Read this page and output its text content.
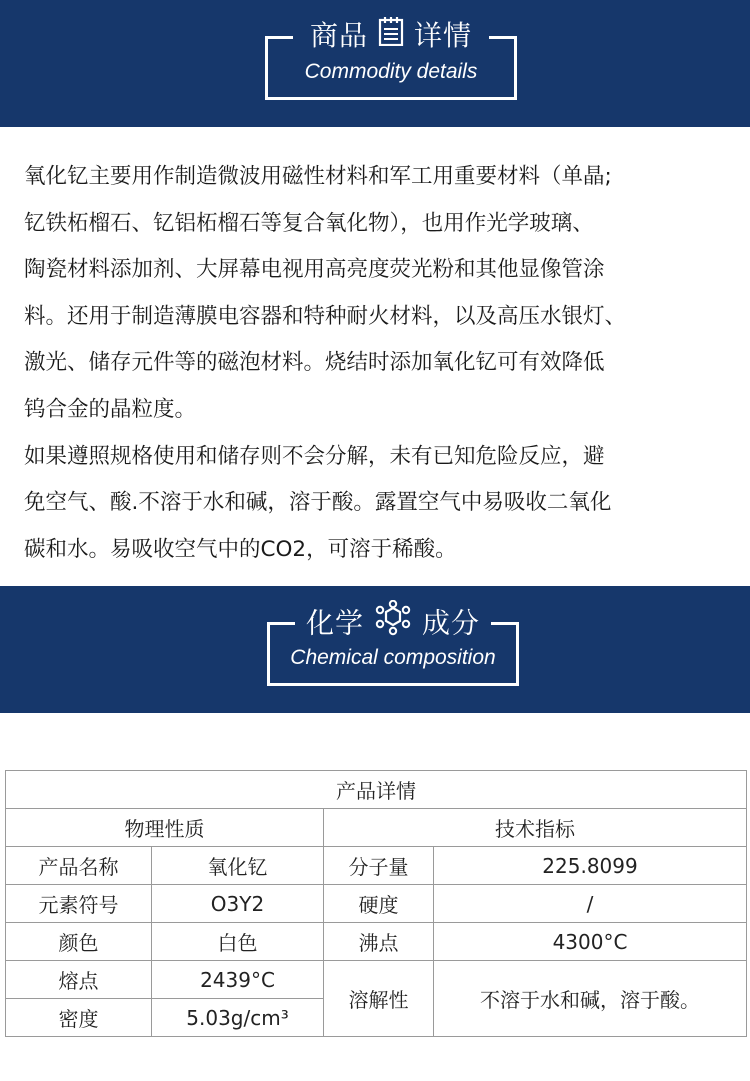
商品 详情
Commodity details
氧化钇主要用作制造微波用磁性材料和军工用重要材料（单晶;
钇铁柘榴石、钇铝柘榴石等复合氧化物），也用作光学玻璃、
陶瓷材料添加剂、大屏幕电视用高亮度荧光粉和其他显像管涂
料。还用于制造薄膜电容器和特种耐火材料，以及高压水银灯、
激光、储存元件等的磁泡材料。烧结时添加氧化钇可有效降低
钨合金的晶粒度。
如果遵照规格使用和储存则不会分解，未有已知危险反应，避
免空气、酸.不溶于水和碱，溶于酸。露置空气中易吸收二氧化
碳和水。易吸收空气中的CO2，可溶于稀酸。
化学 成分
Chemical composition
产品详情			
物理性质		技术指标	
产品名称	氧化钇	分子量	225.8099
元素符号	O3Y2	硬度	/
颜色	白色	沸点	4300°C
熔点	2439°C	溶解性	不溶于水和碱，溶于酸。
密度	5.03g/cm³		
